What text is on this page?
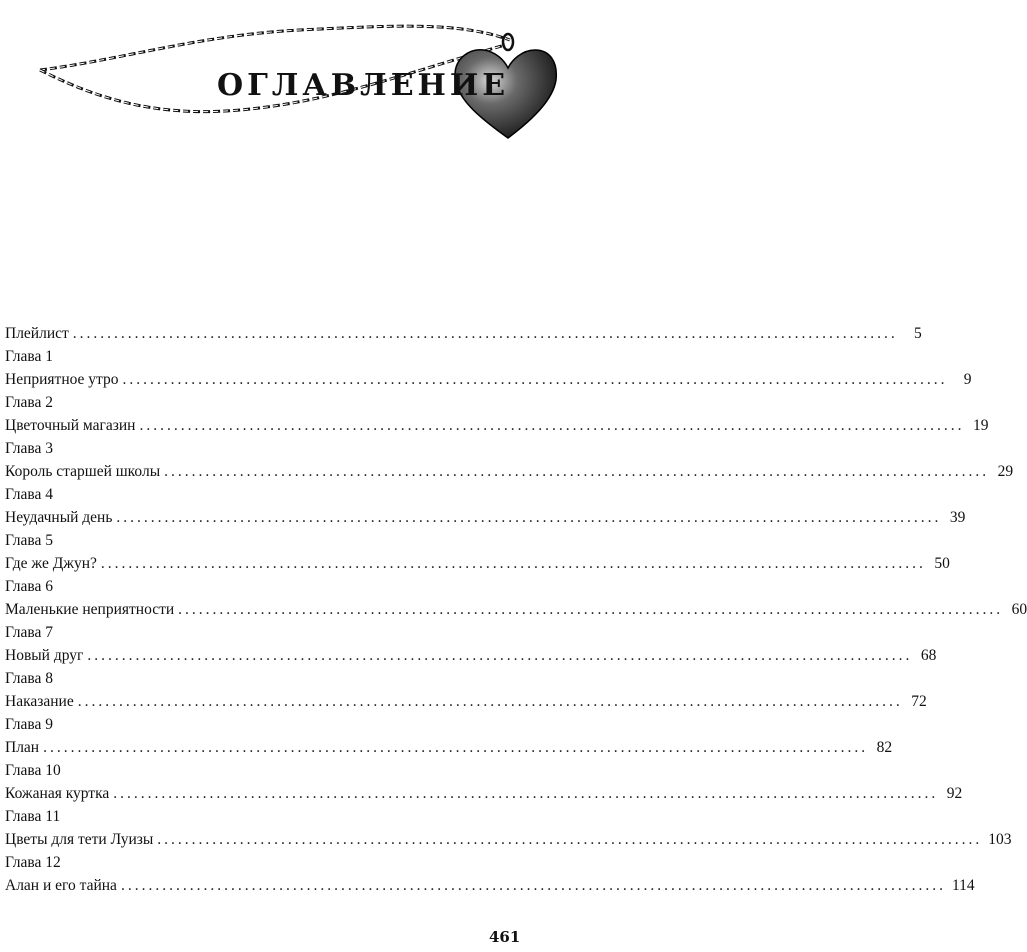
ОГЛАВЛЕНИЕ
Плейлист ........................................................................................................................	5
Глава 1
Неприятное утро ........................................................................................................................	9
Глава 2
Цветочный магазин ........................................................................................................................ 19
Глава 3
Король старшей школы ........................................................................................................................ 29
Глава 4
Неудачный день ........................................................................................................................ 39
Глава 5
Где же Джун? ........................................................................................................................ 50
Глава 6
Маленькие неприятности ........................................................................................................................ 60
Глава 7
Новый друг ........................................................................................................................ 68
Глава 8
Наказание ........................................................................................................................ 72
Глава 9
План ........................................................................................................................ 82
Глава 10
Кожаная куртка ........................................................................................................................ 92
Глава 11
Цветы для тети Луизы ........................................................................................................................ 103
Глава 12
Алан и его тайна ........................................................................................................................ 114
461
